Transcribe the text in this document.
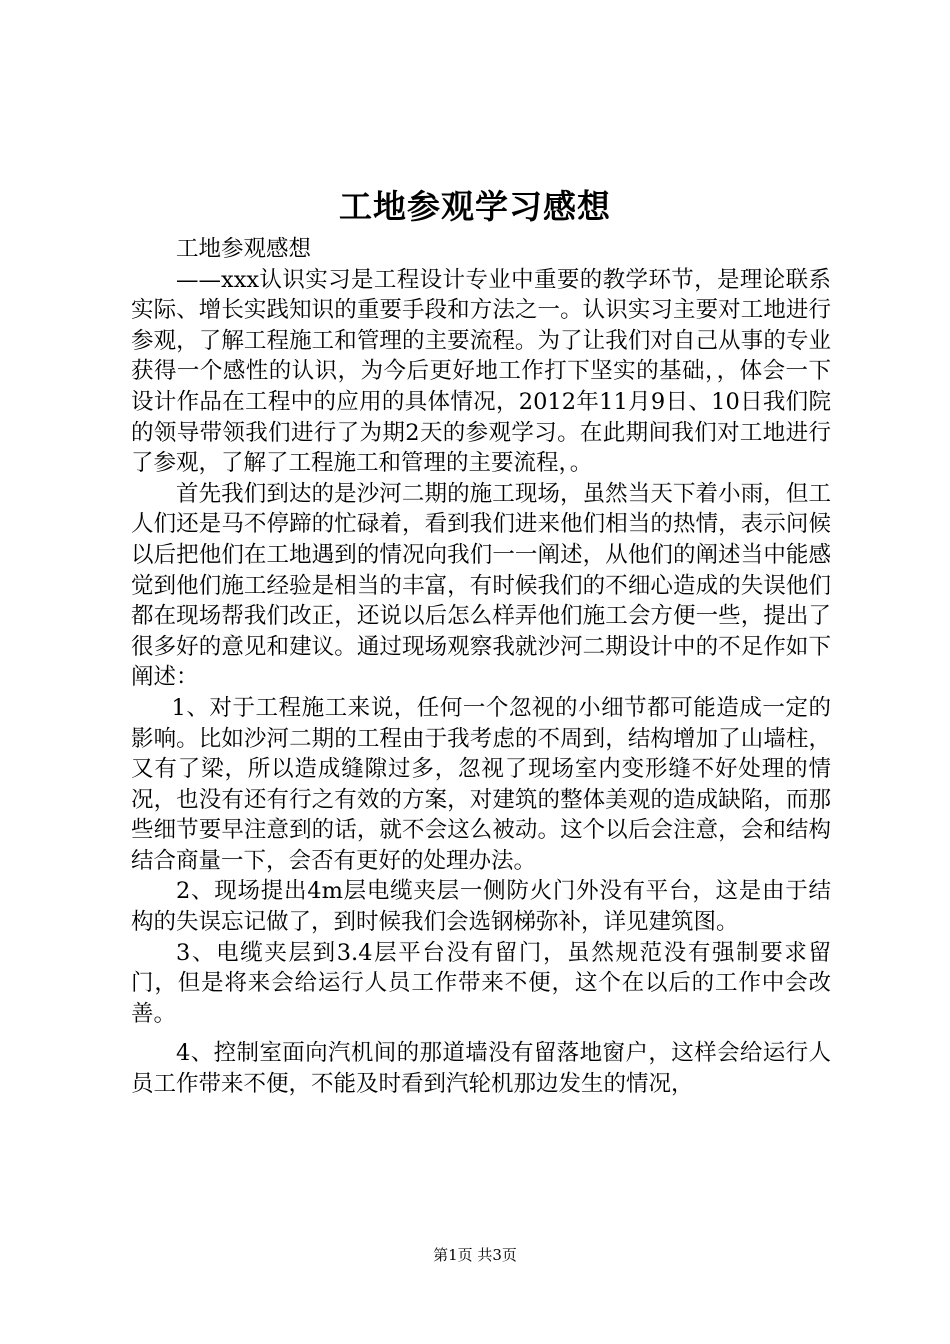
工地参观学习感想

工地参观感想

——xxx认识实习是工程设计专业中重要的教学环节，是理论联系实际、增长实践知识的重要手段和方法之一。认识实习主要对工地进行参观，了解工程施工和管理的主要流程。为了让我们对自己从事的专业获得一个感性的认识，为今后更好地工作打下坚实的基础，，体会一下设计作品在工程中的应用的具体情况，2012年11月9日、10日我们院的领导带领我们进行了为期2天的参观学习。在此期间我们对工地进行了参观，了解了工程施工和管理的主要流程，。

首先我们到达的是沙河二期的施工现场，虽然当天下着小雨，但工人们还是马不停蹄的忙碌着，看到我们进来他们相当的热情，表示问候以后把他们在工地遇到的情况向我们一一阐述，从他们的阐述当中能感觉到他们施工经验是相当的丰富，有时候我们的不细心造成的失误他们都在现场帮我们改正，还说以后怎么样弄他们施工会方便一些，提出了很多好的意见和建议。通过现场观察我就沙河二期设计中的不足作如下阐述：

1、对于工程施工来说，任何一个忽视的小细节都可能造成一定的影响。比如沙河二期的工程由于我考虑的不周到，结构增加了山墙柱，又有了梁，所以造成缝隙过多，忽视了现场室内变形缝不好处理的情况，也没有还有行之有效的方案，对建筑的整体美观的造成缺陷，而那些细节要早注意到的话，就不会这么被动。这个以后会注意，会和结构结合商量一下，会否有更好的处理办法。

2、现场提出4m层电缆夹层一侧防火门外没有平台，这是由于结构的失误忘记做了，到时候我们会选钢梯弥补，详见建筑图。

3、电缆夹层到3.4层平台没有留门，虽然规范没有强制要求留门，但是将来会给运行人员工作带来不便，这个在以后的工作中会改善。

4、控制室面向汽机间的那道墙没有留落地窗户，这样会给运行人员工作带来不便，不能及时看到汽轮机那边发生的情况，

第1页 共3页
